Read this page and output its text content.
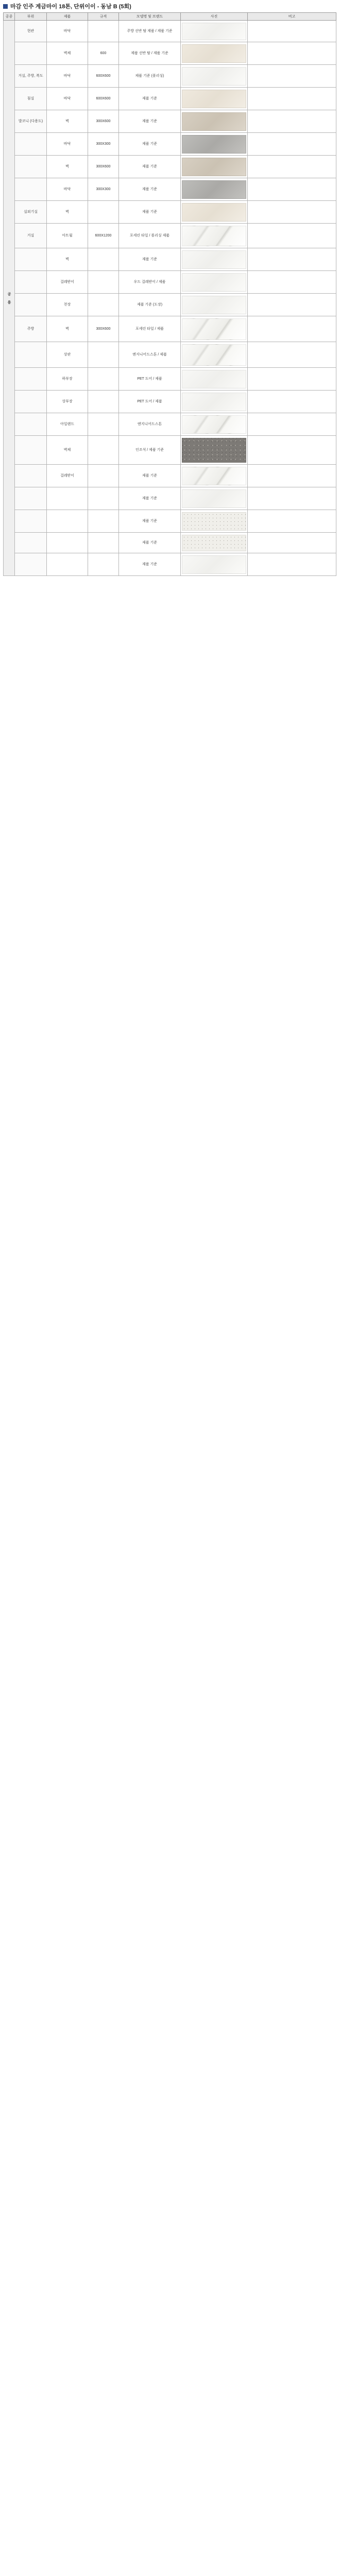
마감 인주 계금마이 18톤, 단위이이 - 동남 B (5회)
공종	부위	제품	규격	모델명 및 브랜드	사진	비고
공 용	현관	바닥		주방 선반 탈 제품 / 제품 기준	

		벽체	600	제품 선반 탈 / 제품 기준	

	거실, 주방, 복도	바닥	600X600	제품 기준 (폴리싱)	

	침실	바닥	600X600	제품 기준	

	발코니 (다용도)	벽	300X600	제품 기준	

		바닥	300X300	제품 기준	

		벽	300X600	제품 기준	

		바닥	300X300	제품 기준	

	실외기실	벽		제품 기준	

	거실	아트월	600X1200	포세린 타일 / 폴리싱 제품	

		벽		제품 기준	

		걸레받이		우드 걸레받이 / 제품	

		천장		제품 기준 (도장)	

	주방	벽	300X600	포세린 타일 / 제품	

		상판		엔지니어드스톤 / 제품	

		하부장		PET 도어 / 제품	

		상부장		PET 도어 / 제품	

		아일랜드		엔지니어드스톤	

		벽체		인조석 / 제품 기준	

		걸레받이		제품 기준	

				제품 기준	

				제품 기준	

				제품 기준	

				제품 기준	
